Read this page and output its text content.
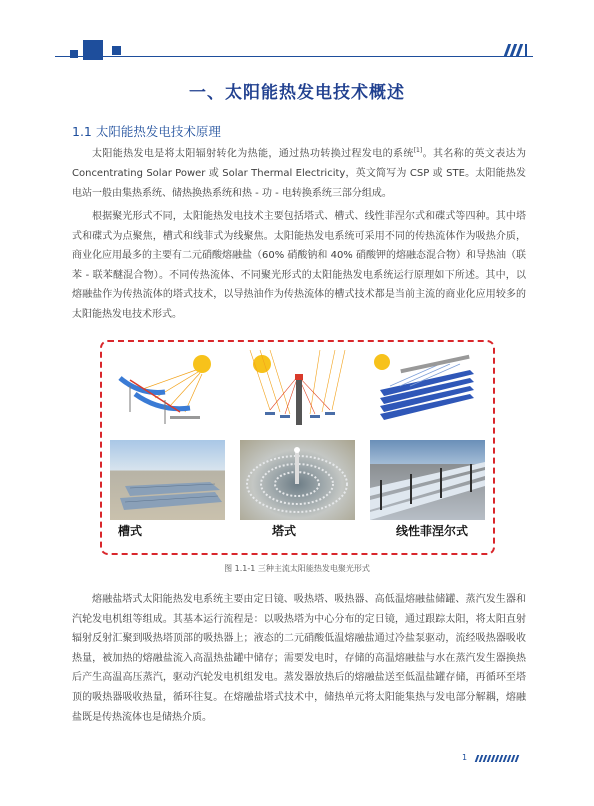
一、太阳能热发电技术概述
1.1 太阳能热发电技术原理

太阳能热发电是将太阳辐射转化为热能，通过热功转换过程发电的系统[1]。其名称的英文表达为 Concentrating Solar Power 或 Solar Thermal Electricity，英文简写为 CSP 或 STE。太阳能热发电站一般由集热系统、储热换热系统和热 - 功 - 电转换系统三部分组成。

根据聚光形式不同，太阳能热发电技术主要包括塔式、槽式、线性菲涅尔式和碟式等四种。其中塔式和碟式为点聚焦，槽式和线菲式为线聚焦。太阳能热发电系统可采用不同的传热流体作为吸热介质，商业化应用最多的主要有二元硝酸熔融盐（60% 硝酸钠和 40% 硝酸钾的熔融态混合物）和导热油（联苯 - 联苯醚混合物）。不同传热流体、不同聚光形式的太阳能热发电系统运行原理如下所述。其中，以熔融盐作为传热流体的塔式技术，以导热油作为传热流体的槽式技术都是当前主流的商业化应用较多的太阳能热发电技术形式。

槽式	塔式	线性菲涅尔式
图 1.1-1 三种主流太阳能热发电聚光形式

熔融盐塔式太阳能热发电系统主要由定日镜、吸热塔、吸热器、高低温熔融盐储罐、蒸汽发生器和汽轮发电机组等组成。其基本运行流程是：以吸热塔为中心分布的定日镜，通过跟踪太阳，将太阳直射辐射反射汇聚到吸热塔顶部的吸热器上；液态的二元硝酸低温熔融盐通过冷盐泵驱动，流经吸热器吸收热量，被加热的熔融盐流入高温热盐罐中储存；需要发电时，存储的高温熔融盐与水在蒸汽发生器换热后产生高温高压蒸汽，驱动汽轮发电机组发电。蒸发器放热后的熔融盐送至低温盐罐存储，再循环至塔顶的吸热器吸收热量，循环往复。在熔融盐塔式技术中，储热单元将太阳能集热与发电部分解耦，熔融盐既是传热流体也是储热介质。

1
